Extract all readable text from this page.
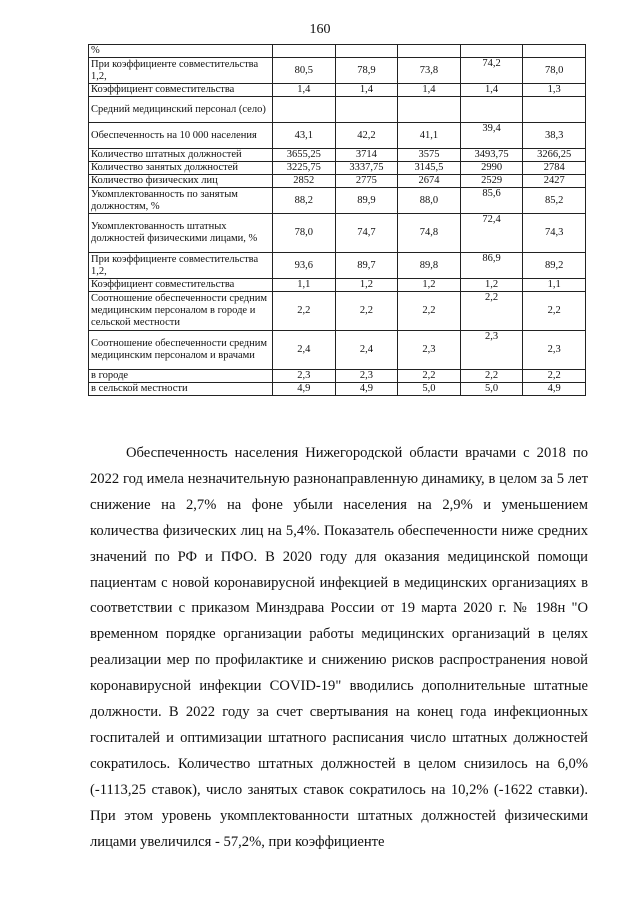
160
%					
При коэффициенте совместительства 1,2,	80,5	78,9	73,8	74,2	78,0
Коэффициент совместительства	1,4	1,4	1,4	1,4	1,3
Средний медицинский персонал (село)					
Обеспеченность на 10 000 населения	43,1	42,2	41,1	39,4	38,3
Количество штатных должностей	3655,25	3714	3575	3493,75	3266,25
Количество занятых должностей	3225,75	3337,75	3145,5	2990	2784
Количество физических лиц	2852	2775	2674	2529	2427
Укомплектованность по занятым должностям, %	88,2	89,9	88,0	85,6	85,2
Укомплектованность штатных должностей физическими лицами, %	78,0	74,7	74,8	72,4	74,3
При коэффициенте совместительства 1,2,	93,6	89,7	89,8	86,9	89,2
Коэффициент совместительства	1,1	1,2	1,2	1,2	1,1
Соотношение обеспеченности средним медицинским персоналом в городе и сельской местности	2,2	2,2	2,2	2,2	2,2
Соотношение обеспеченности средним медицинским персоналом и врачами	2,4	2,4	2,3	2,3	2,3
в городе	2,3	2,3	2,2	2,2	2,2
в сельской местности	4,9	4,9	5,0	5,0	4,9

Обеспеченность населения Нижегородской области врачами с 2018 по 2022 год имела незначительную разнонаправленную динамику, в целом за 5 лет снижение на 2,7% на фоне убыли населения на 2,9% и уменьшением количества физических лиц на 5,4%. Показатель обеспеченности ниже средних значений по РФ и ПФО. В 2020 году для оказания медицинской помощи пациентам с новой коронавирусной инфекцией в медицинских организациях в соответствии с приказом Минздрава России от 19 марта 2020 г. № 198н "О временном порядке организации работы медицинских организаций в целях реализации мер по профилактике и снижению рисков распространения новой коронавирусной инфекции COVID-19" вводились дополнительные штатные должности. В 2022 году за счет свертывания на конец года инфекционных госпиталей и оптимизации штатного расписания число штатных должностей сократилось. Количество штатных должностей в целом снизилось на 6,0% (-1113,25 ставок), число занятых ставок сократилось на 10,2% (-1622 ставки). При этом уровень укомплектованности штатных должностей физическими лицами увеличился - 57,2%, при коэффициенте
